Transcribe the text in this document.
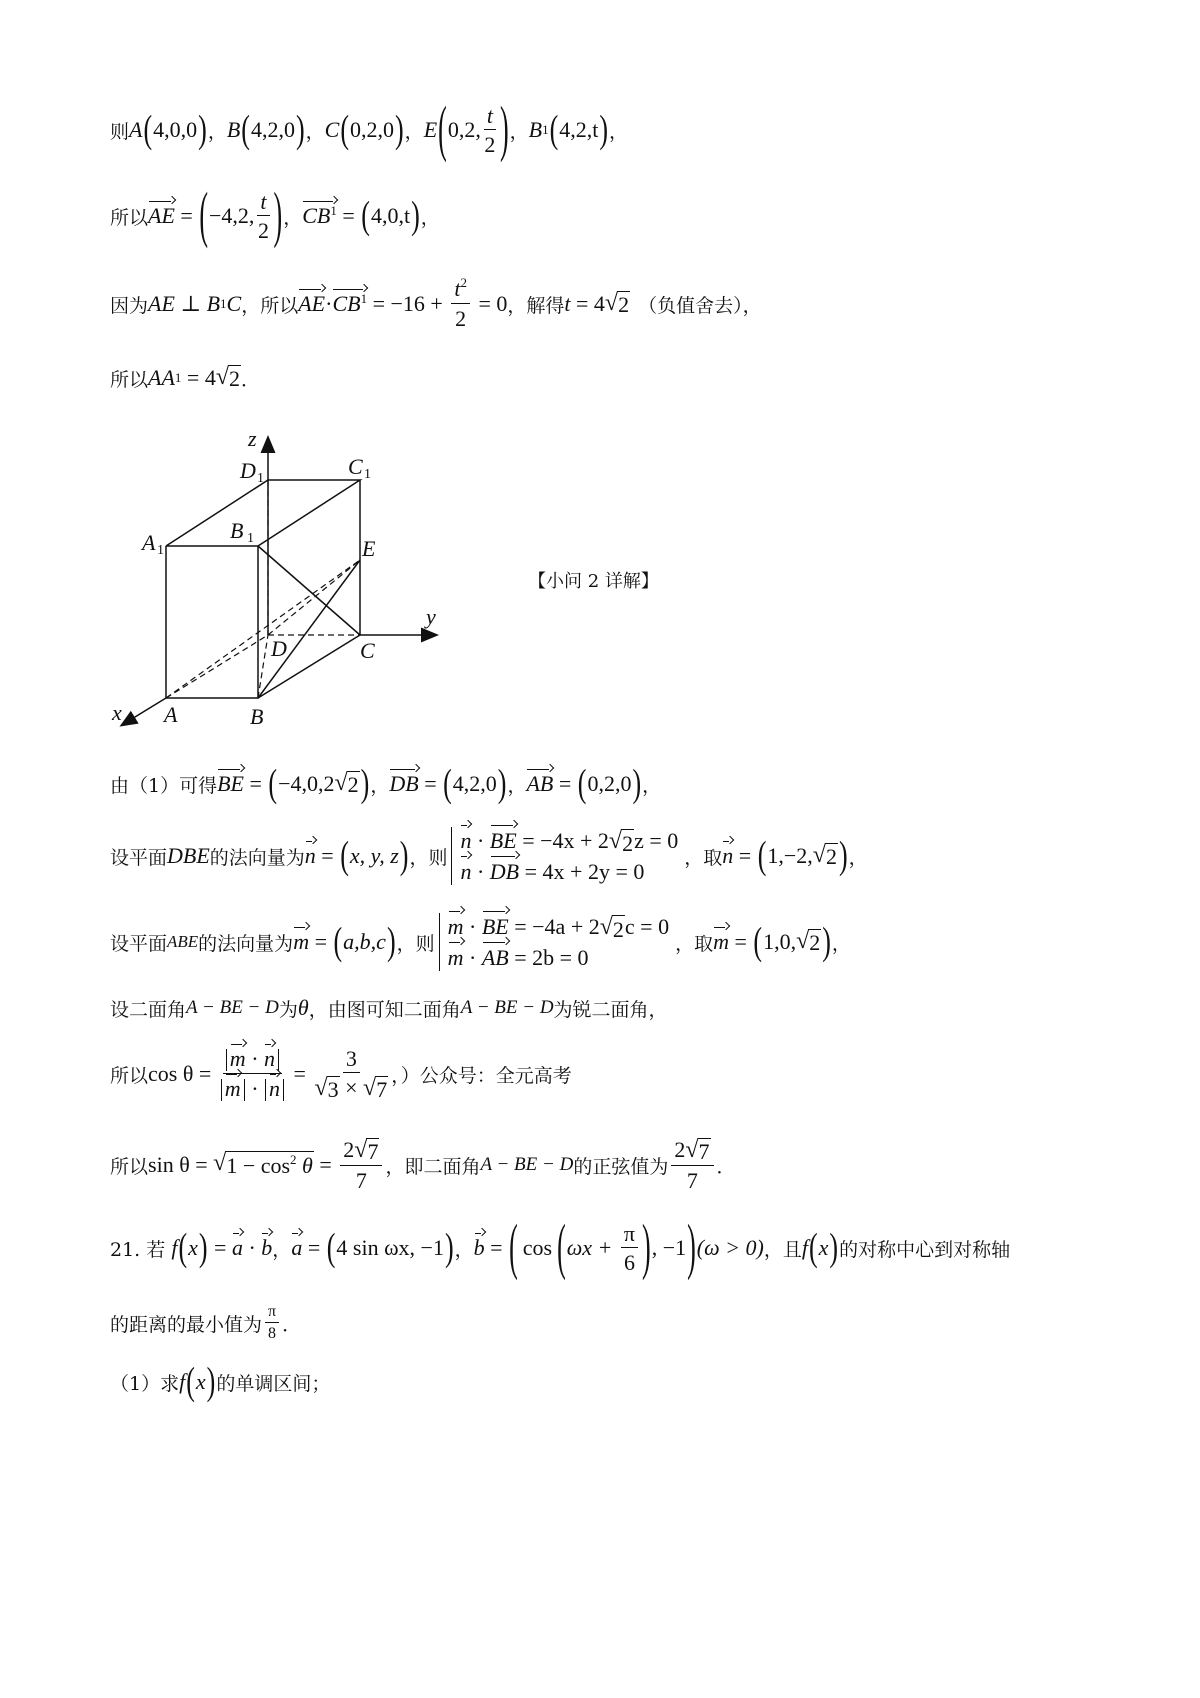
则 A ( 4,0,0 ) ， B ( 4,2,0 ) ， C ( 0,2,0 ) ， E ( 0,2, $\frac{t}{2}$ ) ， B 1 ( 4,2,t ) ，
所以 AE = ( −4,2, $\frac{t}{2}$ ) ， CB 1 = ( 4,0,t ) ，
因为 AE ⊥ B 1 C ，所以 AE · CB $1 = -16 + \frac{t^2}{2} = 0$ ，解得 t = 4 √ 2 （负值舍去），
所以 AA 1 = 4 √ 2 ．
z
y
x
D 1	C 1
A 1
B 1	E
D	C
A	B
【小问 2 详解】
由（1）可得 BE = ( −4,0,2 √ 2 ) ， DB = ( 4,2,0 ) ， AB = ( 0,2,0 ) ，
设平面 DBE 的法向量为 n = ( x, y, z ) ，则
n · BE = −4x + 2 √ 2 z = 0
n · DB = 4x + 2y = 0
，取 n = ( 1,−2, √ 2 ) ，
设平面 ABE 的法向量为 m = ( a,b,c ) ，则
m · BE = −4a + 2 √ 2 c = 0
m · AB = 2b = 0
，取 m = ( 1,0, √ 2 ) ，
设二面角 A − BE − D 为 θ ，由图可知二面角 A − BE − D 为锐二面角，
所以 $\cos \theta = \frac{m \cdot n}{m \cdot n} = \frac{3}{√ 3 \times √ 7}$ ，）公众号：全元高考
所以 sin θ = √ $1 - \cos^2 \theta = \frac{2 √ 7}{7}$ ，即二面角 A − BE − D 的正弦值为 $\frac{2 √ 7}{7}$ ．
21. 若
f ( x ) = a · b ， a = ( 4 sin ωx, −1 ) ， b = ( cos ( $\omega x + \frac{\pi}{6}$ ) , −1 ) (ω > 0) ，且 f ( x ) 的对称中心到对称轴
的距离的最小值为 $\frac{\pi}{8}$ ．
（1）求 f ( x ) 的单调区间；
